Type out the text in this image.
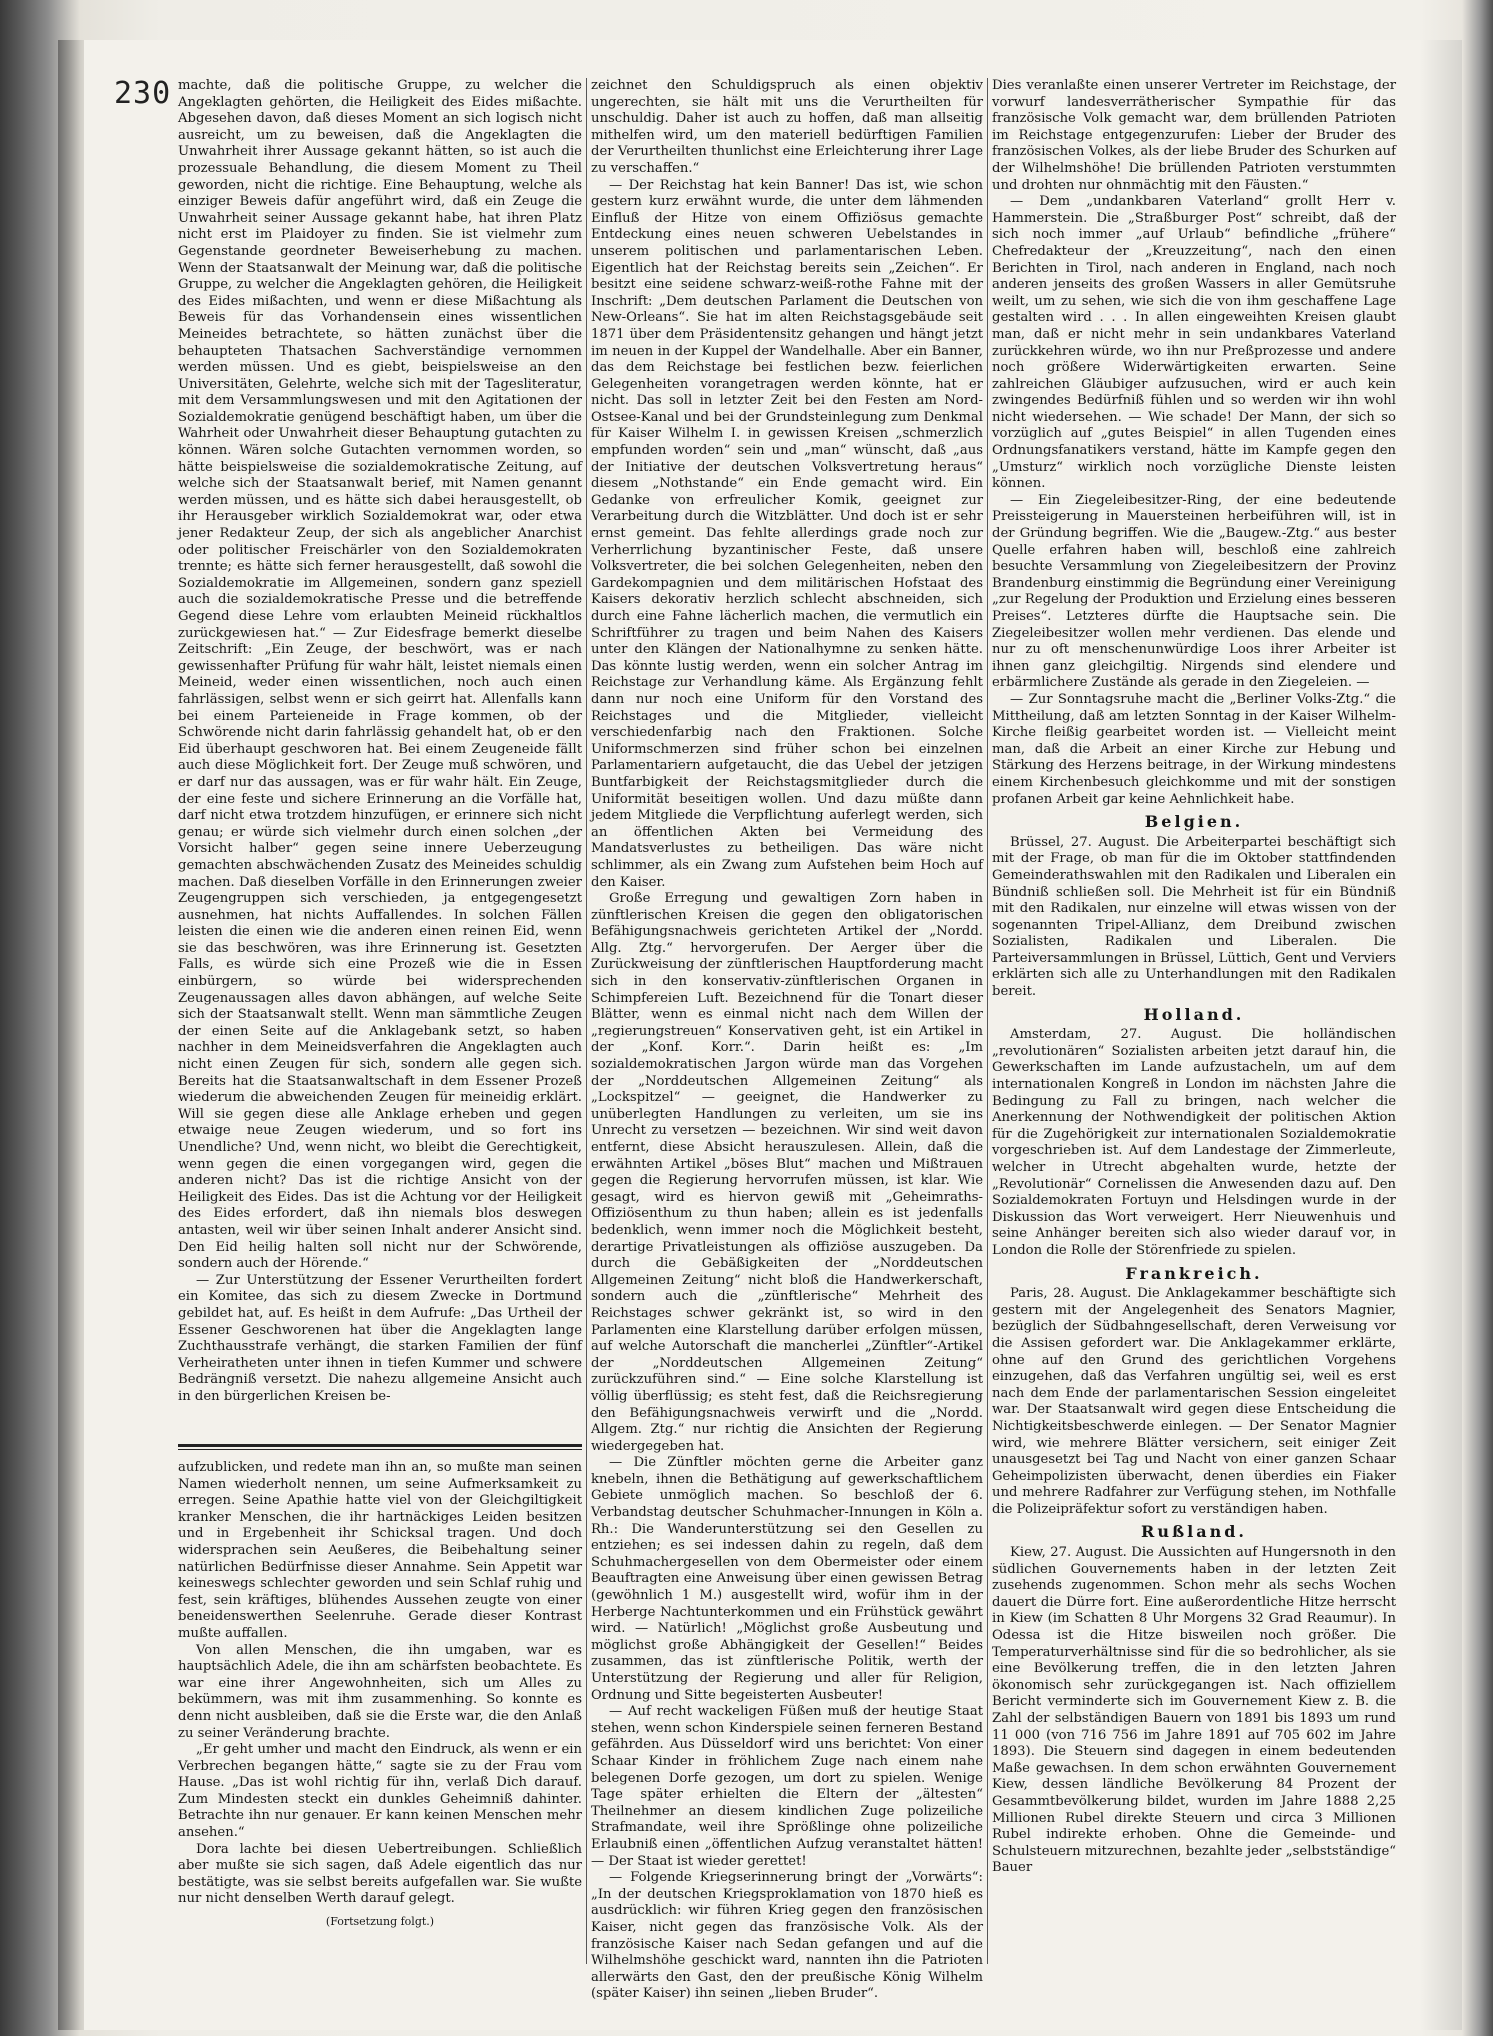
230 machte, daß die politische Gruppe, zu welcher die Angeklagten gehörten, die Heiligkeit des Eides mißachte. Abgesehen davon, daß dieses Moment an sich logisch nicht ausreicht, um zu beweisen, daß die Angeklagten die Unwahrheit ihrer Aussage gekannt hätten, so ist auch die prozessuale Behandlung, die diesem Moment zu Theil geworden, nicht die richtige. Eine Behauptung, welche als einziger Beweis dafür angeführt wird, daß ein Zeuge die Unwahrheit seiner Aussage gekannt habe, hat ihren Platz nicht erst im Plaidoyer zu finden. Sie ist vielmehr zum Gegenstande geordneter Beweiserhebung zu machen. Wenn der Staatsanwalt der Meinung war, daß die politische Gruppe, zu welcher die Angeklagten gehören, die Heiligkeit des Eides mißachten, und wenn er diese Mißachtung als Beweis für das Vorhandensein eines wissentlichen Meineides betrachtete, so hätten zunächst über die behaupteten Thatsachen Sachverständige vernommen werden müssen. Und es giebt, beispielsweise an den Universitäten, Gelehrte, welche sich mit der Tagesliteratur, mit dem Versammlungswesen und mit den Agitationen der Sozialdemokratie genügend beschäftigt haben, um über die Wahrheit oder Unwahrheit dieser Behauptung gutachten zu können. Wären solche Gutachten vernommen worden, so hätte beispielsweise die sozialdemokratische Zeitung, auf welche sich der Staatsanwalt berief, mit Namen genannt werden müssen, und es hätte sich dabei herausgestellt, ob ihr Herausgeber wirklich Sozialdemokrat war, oder etwa jener Redakteur Zeup, der sich als angeblicher Anarchist oder politischer Freischärler von den Sozialdemokraten trennte; es hätte sich ferner herausgestellt, daß sowohl die Sozialdemokratie im Allgemeinen, sondern ganz speziell auch die sozialdemokratische Presse und die betreffende Gegend diese Lehre vom erlaubten Meineid rückhaltlos zurückgewiesen hat.“ — Zur Eidesfrage bemerkt dieselbe Zeitschrift: „Ein Zeuge, der beschwört, was er nach gewissenhafter Prüfung für wahr hält, leistet niemals einen Meineid, weder einen wissentlichen, noch auch einen fahrlässigen, selbst wenn er sich geirrt hat. Allenfalls kann bei einem Parteieneide in Frage kommen, ob der Schwörende nicht darin fahrlässig gehandelt hat, ob er den Eid überhaupt geschworen hat. Bei einem Zeugeneide fällt auch diese Möglichkeit fort. Der Zeuge muß schwören, und er darf nur das aussagen, was er für wahr hält. Ein Zeuge, der eine feste und sichere Erinnerung an die Vorfälle hat, darf nicht etwa trotzdem hinzufügen, er erinnere sich nicht genau; er würde sich vielmehr durch einen solchen „der Vorsicht halber“ gegen seine innere Ueberzeugung gemachten abschwächenden Zusatz des Meineides schuldig machen. Daß dieselben Vorfälle in den Erinnerungen zweier Zeugengruppen sich verschieden, ja entgegengesetzt ausnehmen, hat nichts Auffallendes. In solchen Fällen leisten die einen wie die anderen einen reinen Eid, wenn sie das beschwören, was ihre Erinnerung ist. Gesetzten Falls, es würde sich eine Prozeß wie die in Essen einbürgern, so würde bei widersprechenden Zeugenaussagen alles davon abhängen, auf welche Seite sich der Staatsanwalt stellt. Wenn man sämmtliche Zeugen der einen Seite auf die Anklagebank setzt, so haben nachher in dem Meineidsverfahren die Angeklagten auch nicht einen Zeugen für sich, sondern alle gegen sich. Bereits hat die Staatsanwaltschaft in dem Essener Prozeß wiederum die abweichenden Zeugen für meineidig erklärt. Will sie gegen diese alle Anklage erheben und gegen etwaige neue Zeugen wiederum, und so fort ins Unendliche? Und, wenn nicht, wo bleibt die Gerechtigkeit, wenn gegen die einen vorgegangen wird, gegen die anderen nicht? Das ist die richtige Ansicht von der Heiligkeit des Eides. Das ist die Achtung vor der Heiligkeit des Eides erfordert, daß ihn niemals blos deswegen antasten, weil wir über seinen Inhalt anderer Ansicht sind. Den Eid heilig halten soll nicht nur der Schwörende, sondern auch der Hörende.“

— Zur Unterstützung der Essener Verurtheilten fordert ein Komitee, das sich zu diesem Zwecke in Dortmund gebildet hat, auf. Es heißt in dem Aufrufe: „Das Urtheil der Essener Geschworenen hat über die Angeklagten lange Zuchthausstrafe verhängt, die starken Familien der fünf Verheiratheten unter ihnen in tiefen Kummer und schwere Bedrängniß versetzt. Die nahezu allgemeine Ansicht auch in den bürgerlichen Kreisen be-

aufzublicken, und redete man ihn an, so mußte man seinen Namen wiederholt nennen, um seine Aufmerksamkeit zu erregen. Seine Apathie hatte viel von der Gleichgiltigkeit kranker Menschen, die ihr hartnäckiges Leiden besitzen und in Ergebenheit ihr Schicksal tragen. Und doch widersprachen sein Aeußeres, die Beibehaltung seiner natürlichen Bedürfnisse dieser Annahme. Sein Appetit war keineswegs schlechter geworden und sein Schlaf ruhig und fest, sein kräftiges, blühendes Aussehen zeugte von einer beneidenswerthen Seelenruhe. Gerade dieser Kontrast mußte auffallen.

Von allen Menschen, die ihn umgaben, war es hauptsächlich Adele, die ihn am schärfsten beobachtete. Es war eine ihrer Angewohnheiten, sich um Alles zu bekümmern, was mit ihm zusammenhing. So konnte es denn nicht ausbleiben, daß sie die Erste war, die den Anlaß zu seiner Veränderung brachte.

„Er geht umher und macht den Eindruck, als wenn er ein Verbrechen begangen hätte,“ sagte sie zu der Frau vom Hause. „Das ist wohl richtig für ihn, verlaß Dich darauf. Zum Mindesten steckt ein dunkles Geheimniß dahinter. Betrachte ihn nur genauer. Er kann keinen Menschen mehr ansehen.“

Dora lachte bei diesen Uebertreibungen. Schließlich aber mußte sie sich sagen, daß Adele eigentlich das nur bestätigte, was sie selbst bereits aufgefallen war. Sie wußte nur nicht denselben Werth darauf gelegt.

(Fortsetzung folgt.)

zeichnet den Schuldigspruch als einen objektiv ungerechten, sie hält mit uns die Verurtheilten für unschuldig. Daher ist auch zu hoffen, daß man allseitig mithelfen wird, um den materiell bedürftigen Familien der Verurtheilten thunlichst eine Erleichterung ihrer Lage zu verschaffen.“

— Der Reichstag hat kein Banner! Das ist, wie schon gestern kurz erwähnt wurde, die unter dem lähmenden Einfluß der Hitze von einem Offiziösus gemachte Entdeckung eines neuen schweren Uebelstandes in unserem politischen und parlamentarischen Leben. Eigentlich hat der Reichstag bereits sein „Zeichen“. Er besitzt eine seidene schwarz-weiß-rothe Fahne mit der Inschrift: „Dem deutschen Parlament die Deutschen von New-Orleans“. Sie hat im alten Reichstagsgebäude seit 1871 über dem Präsidentensitz gehangen und hängt jetzt im neuen in der Kuppel der Wandelhalle. Aber ein Banner, das dem Reichstage bei festlichen bezw. feierlichen Gelegenheiten vorangetragen werden könnte, hat er nicht. Das soll in letzter Zeit bei den Festen am Nord-Ostsee-Kanal und bei der Grundsteinlegung zum Denkmal für Kaiser Wilhelm I. in gewissen Kreisen „schmerzlich empfunden worden“ sein und „man“ wünscht, daß „aus der Initiative der deutschen Volksvertretung heraus“ diesem „Nothstande“ ein Ende gemacht wird. Ein Gedanke von erfreulicher Komik, geeignet zur Verarbeitung durch die Witzblätter. Und doch ist er sehr ernst gemeint. Das fehlte allerdings grade noch zur Verherrlichung byzantinischer Feste, daß unsere Volksvertreter, die bei solchen Gelegenheiten, neben den Gardekompagnien und dem militärischen Hofstaat des Kaisers dekorativ herzlich schlecht abschneiden, sich durch eine Fahne lächerlich machen, die vermutlich ein Schriftführer zu tragen und beim Nahen des Kaisers unter den Klängen der Nationalhymne zu senken hätte. Das könnte lustig werden, wenn ein solcher Antrag im Reichstage zur Verhandlung käme. Als Ergänzung fehlt dann nur noch eine Uniform für den Vorstand des Reichstages und die Mitglieder, vielleicht verschiedenfarbig nach den Fraktionen. Solche Uniformschmerzen sind früher schon bei einzelnen Parlamentariern aufgetaucht, die das Uebel der jetzigen Buntfarbigkeit der Reichstagsmitglieder durch die Uniformität beseitigen wollen. Und dazu müßte dann jedem Mitgliede die Verpflichtung auferlegt werden, sich an öffentlichen Akten bei Vermeidung des Mandatsverlustes zu betheiligen. Das wäre nicht schlimmer, als ein Zwang zum Aufstehen beim Hoch auf den Kaiser.

Große Erregung und gewaltigen Zorn haben in zünftlerischen Kreisen die gegen den obligatorischen Befähigungsnachweis gerichteten Artikel der „Nordd. Allg. Ztg.“ hervorgerufen. Der Aerger über die Zurückweisung der zünftlerischen Hauptforderung macht sich in den konservativ-zünftlerischen Organen in Schimpfereien Luft. Bezeichnend für die Tonart dieser Blätter, wenn es einmal nicht nach dem Willen der „regierungstreuen“ Konservativen geht, ist ein Artikel in der „Konf. Korr.“. Darin heißt es: „Im sozialdemokratischen Jargon würde man das Vorgehen der „Norddeutschen Allgemeinen Zeitung“ als „Lockspitzel“ — geeignet, die Handwerker zu unüberlegten Handlungen zu verleiten, um sie ins Unrecht zu versetzen — bezeichnen. Wir sind weit davon entfernt, diese Absicht herauszulesen. Allein, daß die erwähnten Artikel „böses Blut“ machen und Mißtrauen gegen die Regierung hervorrufen müssen, ist klar. Wie gesagt, wird es hiervon gewiß mit „Geheimraths-Offiziösenthum zu thun haben; allein es ist jedenfalls bedenklich, wenn immer noch die Möglichkeit besteht, derartige Privatleistungen als offiziöse auszugeben. Da durch die Gebäßigkeiten der „Norddeutschen Allgemeinen Zeitung“ nicht bloß die Handwerkerschaft, sondern auch die „zünftlerische“ Mehrheit des Reichstages schwer gekränkt ist, so wird in den Parlamenten eine Klarstellung darüber erfolgen müssen, auf welche Autorschaft die mancherlei „Zünftler“-Artikel der „Norddeutschen Allgemeinen Zeitung“ zurückzuführen sind.“ — Eine solche Klarstellung ist völlig überflüssig; es steht fest, daß die Reichsregierung den Befähigungsnachweis verwirft und die „Nordd. Allgem. Ztg.“ nur richtig die Ansichten der Regierung wiedergegeben hat.

— Die Zünftler möchten gerne die Arbeiter ganz knebeln, ihnen die Bethätigung auf gewerkschaftlichem Gebiete unmöglich machen. So beschloß der 6. Verbandstag deutscher Schuhmacher-Innungen in Köln a. Rh.: Die Wanderunterstützung sei den Gesellen zu entziehen; es sei indessen dahin zu regeln, daß dem Schuhmachergesellen von dem Obermeister oder einem Beauftragten eine Anweisung über einen gewissen Betrag (gewöhnlich 1 M.) ausgestellt wird, wofür ihm in der Herberge Nachtunterkommen und ein Frühstück gewährt wird. — Natürlich! „Möglichst große Ausbeutung und möglichst große Abhängigkeit der Gesellen!“ Beides zusammen, das ist zünftlerische Politik, werth der Unterstützung der Regierung und aller für Religion, Ordnung und Sitte begeisterten Ausbeuter!

— Auf recht wackeligen Füßen muß der heutige Staat stehen, wenn schon Kinderspiele seinen ferneren Bestand gefährden. Aus Düsseldorf wird uns berichtet: Von einer Schaar Kinder in fröhlichem Zuge nach einem nahe belegenen Dorfe gezogen, um dort zu spielen. Wenige Tage später erhielten die Eltern der „ältesten“ Theilnehmer an diesem kindlichen Zuge polizeiliche Strafmandate, weil ihre Sprößlinge ohne polizeiliche Erlaubniß einen „öffentlichen Aufzug veranstaltet hätten! — Der Staat ist wieder gerettet!

— Folgende Kriegserinnerung bringt der „Vorwärts“: „In der deutschen Kriegsproklamation von 1870 hieß es ausdrücklich: wir führen Krieg gegen den französischen Kaiser, nicht gegen das französische Volk. Als der französische Kaiser nach Sedan gefangen und auf die Wilhelmshöhe geschickt ward, nannten ihn die Patrioten allerwärts den Gast, den der preußische König Wilhelm (später Kaiser) ihn seinen „lieben Bruder“.

Dies veranlaßte einen unserer Vertreter im Reichstage, der vorwurf landesverrätherischer Sympathie für das französische Volk gemacht war, dem brüllenden Patrioten im Reichstage entgegenzurufen: Lieber der Bruder des französischen Volkes, als der liebe Bruder des Schurken auf der Wilhelmshöhe! Die brüllenden Patrioten verstummten und drohten nur ohnmächtig mit den Fäusten.“

— Dem „undankbaren Vaterland“ grollt Herr v. Hammerstein. Die „Straßburger Post“ schreibt, daß der sich noch immer „auf Urlaub“ befindliche „frühere“ Chefredakteur der „Kreuzzeitung“, nach den einen Berichten in Tirol, nach anderen in England, nach noch anderen jenseits des großen Wassers in aller Gemütsruhe weilt, um zu sehen, wie sich die von ihm geschaffene Lage gestalten wird . . . In allen eingeweihten Kreisen glaubt man, daß er nicht mehr in sein undankbares Vaterland zurückkehren würde, wo ihn nur Preßprozesse und andere noch größere Widerwärtigkeiten erwarten. Seine zahlreichen Gläubiger aufzusuchen, wird er auch kein zwingendes Bedürfniß fühlen und so werden wir ihn wohl nicht wiedersehen. — Wie schade! Der Mann, der sich so vorzüglich auf „gutes Beispiel“ in allen Tugenden eines Ordnungsfanatikers verstand, hätte im Kampfe gegen den „Umsturz“ wirklich noch vorzügliche Dienste leisten können.

— Ein Ziegeleibesitzer-Ring, der eine bedeutende Preissteigerung in Mauersteinen herbeiführen will, ist in der Gründung begriffen. Wie die „Baugew.-Ztg.“ aus bester Quelle erfahren haben will, beschloß eine zahlreich besuchte Versammlung von Ziegeleibesitzern der Provinz Brandenburg einstimmig die Begründung einer Vereinigung „zur Regelung der Produktion und Erzielung eines besseren Preises“. Letzteres dürfte die Hauptsache sein. Die Ziegeleibesitzer wollen mehr verdienen. Das elende und nur zu oft menschenunwürdige Loos ihrer Arbeiter ist ihnen ganz gleichgiltig. Nirgends sind elendere und erbärmlichere Zustände als gerade in den Ziegeleien. —

— Zur Sonntagsruhe macht die „Berliner Volks-Ztg.“ die Mittheilung, daß am letzten Sonntag in der Kaiser Wilhelm-Kirche fleißig gearbeitet worden ist. — Vielleicht meint man, daß die Arbeit an einer Kirche zur Hebung und Stärkung des Herzens beitrage, in der Wirkung mindestens einem Kirchenbesuch gleichkomme und mit der sonstigen profanen Arbeit gar keine Aehnlichkeit habe.

Belgien.

Brüssel, 27. August. Die Arbeiterpartei beschäftigt sich mit der Frage, ob man für die im Oktober stattfindenden Gemeinderathswahlen mit den Radikalen und Liberalen ein Bündniß schließen soll. Die Mehrheit ist für ein Bündniß mit den Radikalen, nur einzelne will etwas wissen von der sogenannten Tripel-Allianz, dem Dreibund zwischen Sozialisten, Radikalen und Liberalen. Die Parteiversammlungen in Brüssel, Lüttich, Gent und Verviers erklärten sich alle zu Unterhandlungen mit den Radikalen bereit.

Holland.

Amsterdam, 27. August. Die holländischen „revolutionären“ Sozialisten arbeiten jetzt darauf hin, die Gewerkschaften im Lande aufzustacheln, um auf dem internationalen Kongreß in London im nächsten Jahre die Bedingung zu Fall zu bringen, nach welcher die Anerkennung der Nothwendigkeit der politischen Aktion für die Zugehörigkeit zur internationalen Sozialdemokratie vorgeschrieben ist. Auf dem Landestage der Zimmerleute, welcher in Utrecht abgehalten wurde, hetzte der „Revolutionär“ Cornelissen die Anwesenden dazu auf. Den Sozialdemokraten Fortuyn und Helsdingen wurde in der Diskussion das Wort verweigert. Herr Nieuwenhuis und seine Anhänger bereiten sich also wieder darauf vor, in London die Rolle der Störenfriede zu spielen.

Frankreich.

Paris, 28. August. Die Anklagekammer beschäftigte sich gestern mit der Angelegenheit des Senators Magnier, bezüglich der Südbahngesellschaft, deren Verweisung vor die Assisen gefordert war. Die Anklagekammer erklärte, ohne auf den Grund des gerichtlichen Vorgehens einzugehen, daß das Verfahren ungültig sei, weil es erst nach dem Ende der parlamentarischen Session eingeleitet war. Der Staatsanwalt wird gegen diese Entscheidung die Nichtigkeitsbeschwerde einlegen. — Der Senator Magnier wird, wie mehrere Blätter versichern, seit einiger Zeit unausgesetzt bei Tag und Nacht von einer ganzen Schaar Geheimpolizisten überwacht, denen überdies ein Fiaker und mehrere Radfahrer zur Verfügung stehen, im Nothfalle die Polizeipräfektur sofort zu verständigen haben.

Rußland.

Kiew, 27. August. Die Aussichten auf Hungersnoth in den südlichen Gouvernements haben in der letzten Zeit zusehends zugenommen. Schon mehr als sechs Wochen dauert die Dürre fort. Eine außerordentliche Hitze herrscht in Kiew (im Schatten 8 Uhr Morgens 32 Grad Reaumur). In Odessa ist die Hitze bisweilen noch größer. Die Temperaturverhältnisse sind für die so bedrohlicher, als sie eine Bevölkerung treffen, die in den letzten Jahren ökonomisch sehr zurückgegangen ist. Nach offiziellem Bericht verminderte sich im Gouvernement Kiew z. B. die Zahl der selbständigen Bauern von 1891 bis 1893 um rund 11 000 (von 716 756 im Jahre 1891 auf 705 602 im Jahre 1893). Die Steuern sind dagegen in einem bedeutenden Maße gewachsen. In dem schon erwähnten Gouvernement Kiew, dessen ländliche Bevölkerung 84 Prozent der Gesammtbevölkerung bildet, wurden im Jahre 1888 2,25 Millionen Rubel direkte Steuern und circa 3 Millionen Rubel indirekte erhoben. Ohne die Gemeinde- und Schulsteuern mitzurechnen, bezahlte jeder „selbstständige“ Bauer
